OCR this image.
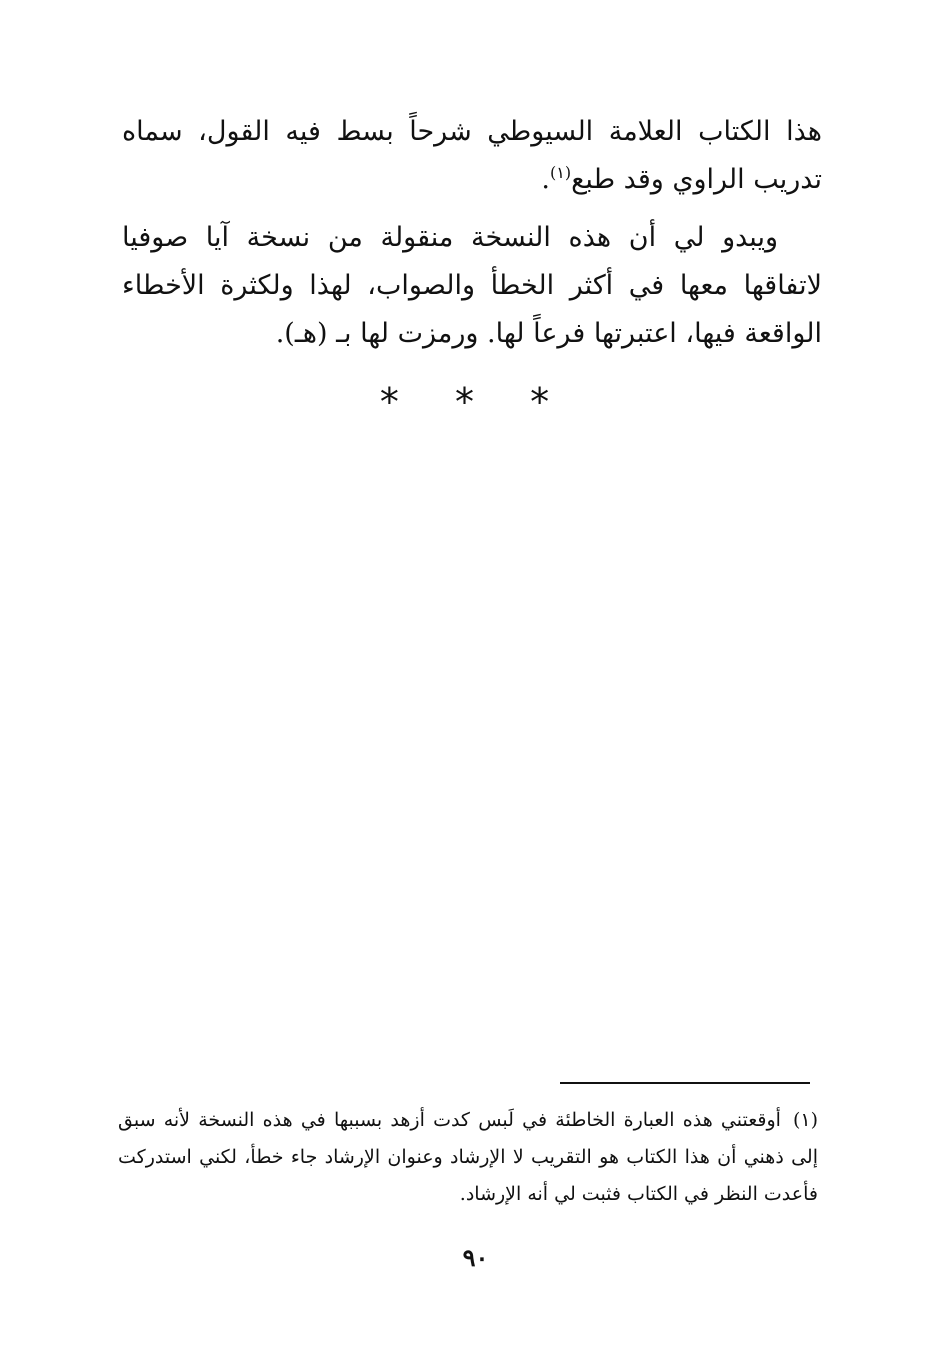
هذا الكتاب العلامة السيوطي شرحاً بسط فيه القول، سماه تدريب الراوي وقد طبع$^{(١)}$.

ويبدو لي أن هذه النسخة منقولة من نسخة آيا صوفيا لاتفاقها معها في أكثر الخطأ والصواب، لهذا ولكثرة الأخطاء الواقعة فيها، اعتبرتها فرعاً لها. ورمزت لها بـ (هـ).

* * *
(١)أوقعتني هذه العبارة الخاطئة في لَبس كدت أزهد بسببها في هذه النسخة لأنه سبق إلى ذهني أن هذا الكتاب هو التقريب لا الإرشاد وعنوان الإرشاد جاء خطأ، لكني استدركت فأعدت النظر في الكتاب فثبت لي أنه الإرشاد.
٩٠
